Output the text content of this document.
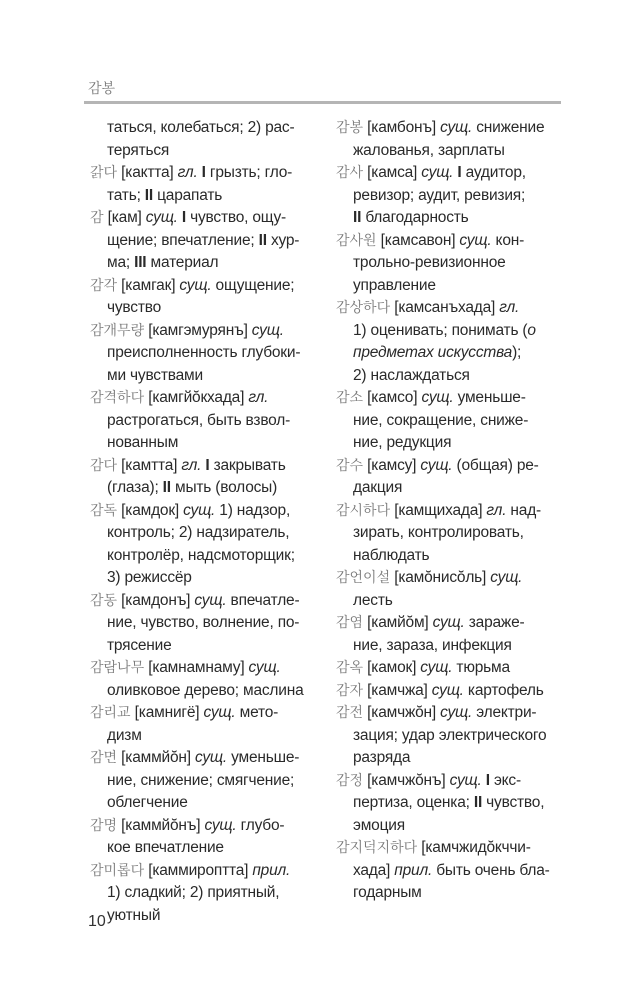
감봉
таться, колебаться; 2) рас-
теряться
갉다 [кактта] гл. I грызть; гло-
тать; II царапать
감 [кам] сущ. I чувство, ощу-
щение; впечатление; II хур-
ма; III материал
감각 [камгак] сущ. ощущение;
чувство
감개무량 [камгэмурянъ] сущ.
преисполненность глубоки-
ми чувствами
감격하다 [камгйŏкхада] гл.
растрогаться, быть взвол-
нованным
감다 [камтта] гл. I закрывать
(глаза); II мыть (волосы)
감독 [камдок] сущ. 1) надзор,
контроль; 2) надзиратель,
контролёр, надсмоторщик;
3) режиссёр
감동 [камдонъ] сущ. впечатле-
ние, чувство, волнение, по-
трясение
감람나무 [камнамнаму] сущ.
оливковое дерево; маслина
감리교 [камнигё] сущ. мето-
дизм
감면 [каммйŏн] сущ. уменьше-
ние, снижение; смягчение;
облегчение
감명 [каммйŏнъ] сущ. глубо-
кое впечатление
감미롭다 [каммироптта] прил.
1) сладкий; 2) приятный,
уютный
감봉 [камбонъ] сущ. снижение
жалованья, зарплаты
감사 [камса] сущ. I аудитор,
ревизор; аудит, ревизия;
II благодарность
감사원 [камсавон] сущ. кон-
трольно-ревизионное
управление
감상하다 [камсанъхада] гл.
1) оценивать; понимать (о
предметах искусства);
2) наслаждаться
감소 [камсо] сущ. уменьше-
ние, сокращение, сниже-
ние, редукция
감수 [камсу] сущ. (общая) ре-
дакция
감시하다 [камщихада] гл. над-
зирать, контролировать,
наблюдать
감언이설 [камŏнисŏль] сущ.
лесть
감염 [камйŏм] сущ. зараже-
ние, зараза, инфекция
감옥 [камок] сущ. тюрьма
감자 [камчжа] сущ. картофель
감전 [камчжŏн] сущ. электри-
зация; удар электрического
разряда
감정 [камчжŏнъ] сущ. I экс-
пертиза, оценка; II чувство,
эмоция
감지덕지하다 [камчжидŏкччи-
хада] прил. быть очень бла-
годарным
10
